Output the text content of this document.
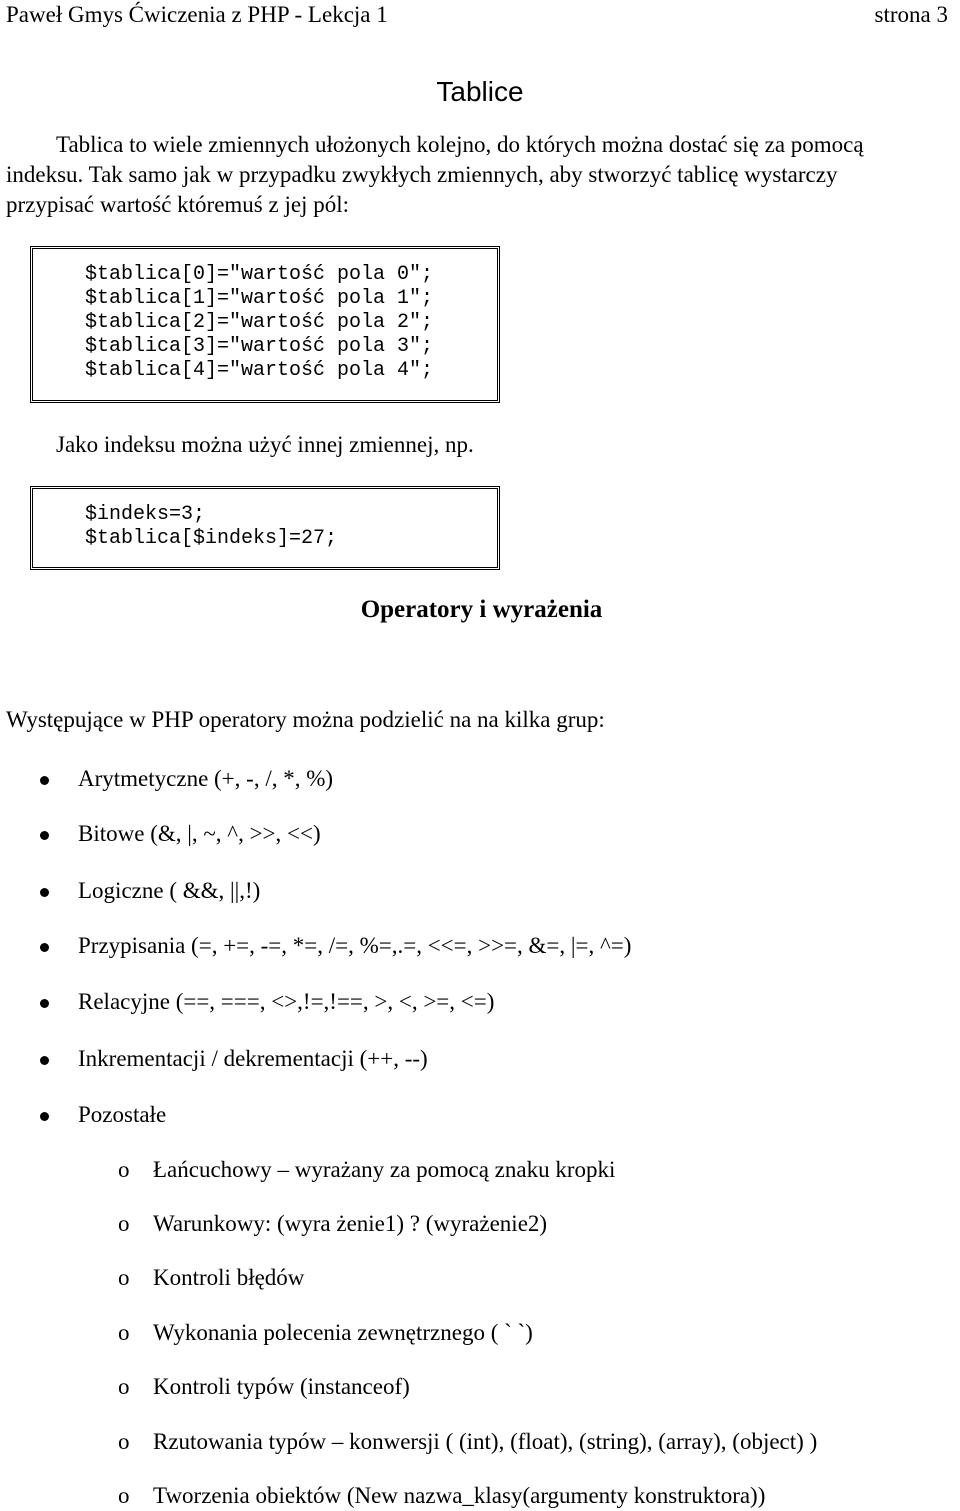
Paweł Gmys Ćwiczenia z PHP - Lekcja 1	strona 3
Tablice
Tablica to wiele zmiennych ułożonych kolejno, do których można dostać się za pomocą
indeksu. Tak samo jak w przypadku zwykłych zmiennych, aby stworzyć tablicę wystarczy
przypisać wartość któremuś z jej pól:
$tablica[0]="wartość pola 0";
$tablica[1]="wartość pola 1";
$tablica[2]="wartość pola 2";
$tablica[3]="wartość pola 3";
$tablica[4]="wartość pola 4";
Jako indeksu można użyć innej zmiennej, np.
$indeks=3;
$tablica[$indeks]=27;
Operatory i wyrażenia
Występujące w PHP operatory można podzielić na na kilka grup:
Arytmetyczne (+, -, /, *, %)
Bitowe (&, |, ~, ^, >>, <<)
Logiczne ( &&, ||,!)
Przypisania (=, +=, -=, *=, /=, %=,.=, <<=, >>=, &=, |=, ^=)
Relacyjne (==, ===, <>,!=,!==, >, <, >=, <=)
Inkrementacji / dekrementacji (++, --)
Pozostałe
o Łańcuchowy – wyrażany za pomocą znaku kropki
o Warunkowy: (wyra żenie1) ? (wyrażenie2)
o Kontroli błędów
o Wykonania polecenia zewnętrznego ( ` `)
o Kontroli typów (instanceof)
o Rzutowania typów – konwersji ( (int), (float), (string), (array), (object) )
o Tworzenia obiektów (New nazwa_klasy(argumenty konstruktora))
